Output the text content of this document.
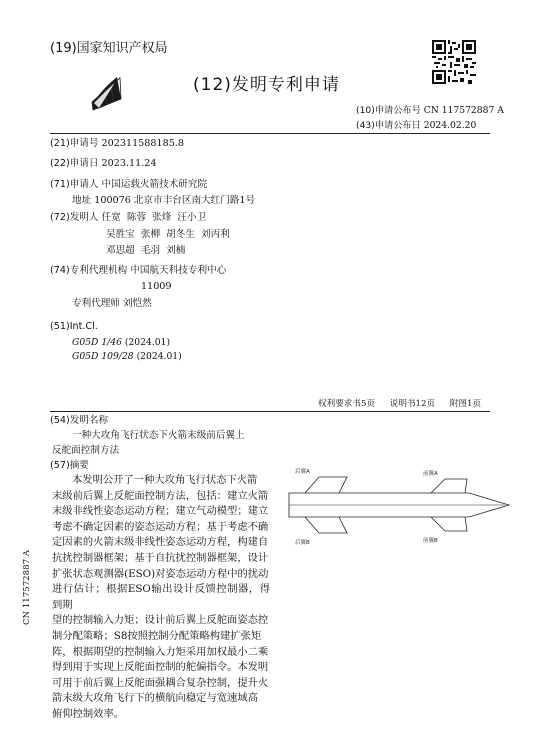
(19)国家知识产权局
(12)发明专利申请
(10)申请公布号 CN 117572887 A
(43)申请公布日 2024.02.20
(21)申请号 202311588185.8
(22)申请日 2023.11.24
(71)申请人 中国运载火箭技术研究院
地址 100076 北京市丰台区南大红门路1号
(72)发明人 任宽  陈蓉  张烽  汪小卫
吴胜宝  张柳  胡冬生  刘丙利
邓思超  毛羽  刘楠
(74)专利代理机构 中国航天科技专利中心
11009
专利代理师 刘恺然
(51)Int.Cl.
G05D 1/46 (2024.01)
G05D 109/28 (2024.01)
权利要求书5页 说明书12页 附图1页
(54)发明名称
一种大攻角飞行状态下火箭末级前后翼上
反舵面控制方法
(57)摘要
本发明公开了一种大攻角飞行状态下火箭
末级前后翼上反舵面控制方法，包括：建立火箭
末级非线性姿态运动方程；建立气动模型；建立
考虑不确定因素的姿态运动方程；基于考虑不确
定因素的火箭末级非线性姿态运动方程，构建自
抗扰控制器框架；基于自抗扰控制器框架，设计
扩张状态观测器(ESO)对姿态运动方程中的扰动
进行估计；根据ESO输出设计反馈控制器，得到期
望的控制输入力矩；设计前后翼上反舵面姿态控
制分配策略；S8按照控制分配策略构建扩张矩
阵，根据期望的控制输入力矩采用加权最小二乘
得到用于实现上反舵面控制的舵偏指令。本发明
可用于前后翼上反舵面强耦合复杂控制，提升火
箭末级大攻角飞行下的横航向稳定与宽速域高
俯仰控制效率。
后翼A	前翼A
后翼B	前翼B
CN 117572887 A
